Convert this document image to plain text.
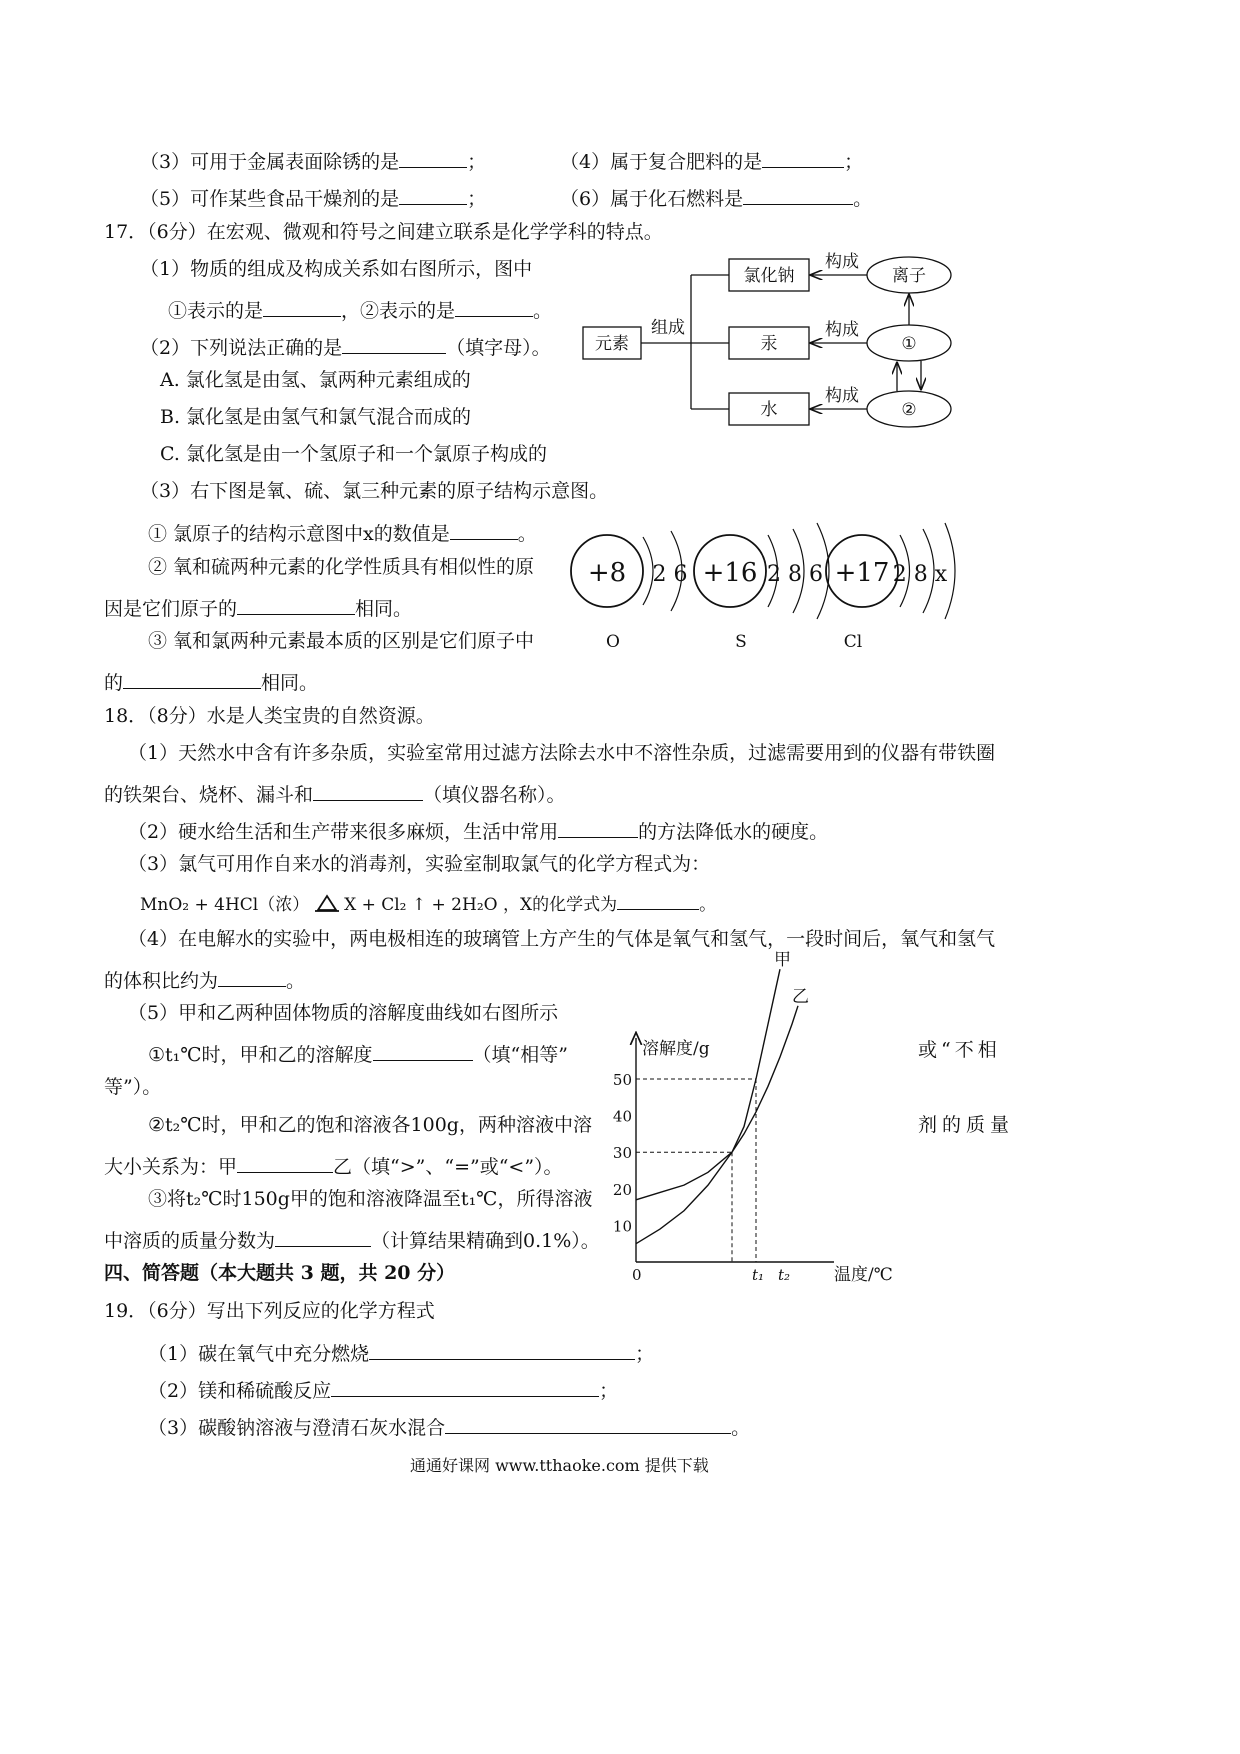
（3）可用于金属表面除锈的是	；	（4）属于复合肥料的是	；
（5）可作某些食品干燥剂的是	；	（6）属于化石燃料是	。
17．（6分）在宏观、微观和符号之间建立联系是化学学科的特点。
（1）物质的组成及构成关系如右图所示，图中
①表示的是	，②表示的是	。
（2）下列说法正确的是	（填字母）。
A. 氯化氢是由氢、氯两种元素组成的
B. 氯化氢是由氢气和氯气混合而成的
C. 氯化氢是由一个氢原子和一个氯原子构成的
（3）右下图是氧、硫、氯三种元素的原子结构示意图。
① 氯原子的结构示意图中x的数值是	。
② 氧和硫两种元素的化学性质具有相似性的原
因是它们原子的	相同。
③ 氧和氯两种元素最本质的区别是它们原子中
的	相同。
元素
组成
氯化钠
汞
水
构成
构成
构成
离子
①
②
+8 2 6
O
+16 2 8 6
S
+17 2 8 x
Cl
18．（8分）水是人类宝贵的自然资源。
（1）天然水中含有许多杂质，实验室常用过滤方法除去水中不溶性杂质，过滤需要用到的仪器有带铁圈
的铁架台、烧杯、漏斗和	（填仪器名称）。
（2）硬水给生活和生产带来很多麻烦，生活中常用	的方法降低水的硬度。
（3）氯气可用作自来水的消毒剂，实验室制取氯气的化学方程式为：
MnO₂ + 4HCl（浓） X + Cl₂ ↑ + 2H₂O ，X的化学式为	。
（4）在电解水的实验中，两电极相连的玻璃管上方产生的气体是氧气和氢气，一段时间后，氧气和氢气
的体积比约为	。
（5）甲和乙两种固体物质的溶解度曲线如右图所示
①t₁℃时，甲和乙的溶解度	（填“相等”	或“不相
等”）。
②t₂℃时，甲和乙的饱和溶液各100g，两种溶液中溶	剂的质量
大小关系为：甲	乙（填“>”、“=”或“<”）。
③将t₂℃时150g甲的饱和溶液降温至t₁℃，所得溶液
中溶质的质量分数为	（计算结果精确到0.1%）。
溶解度/g
温度/℃
0	t₁ t₂
10
20
30
40
50
甲
乙
四、简答题（本大题共 3 题，共 20 分）
19．（6分）写出下列反应的化学方程式
（1）碳在氧气中充分燃烧	；
（2）镁和稀硫酸反应	；
（3）碳酸钠溶液与澄清石灰水混合	。
通通好课网 www.tthaoke.com 提供下载
